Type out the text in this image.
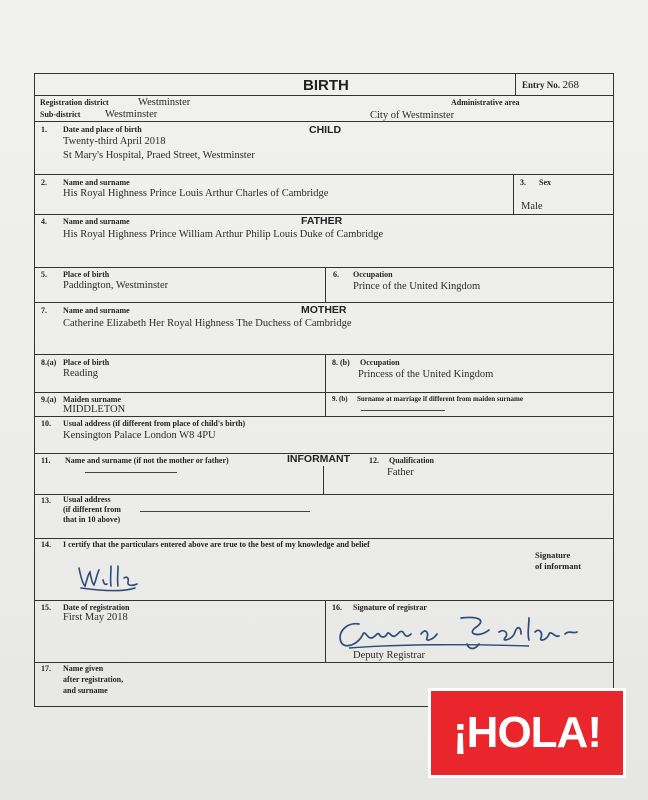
BIRTH	Entry No. 268
Registration district	Westminster	Administrative area
Sub-district Westminster	City of Westminster
1. Date and place of birth	CHILD
Twenty-third April 2018
St Mary's Hospital, Praed Street, Westminster
2. Name and surname
His Royal Highness Prince Louis Arthur Charles of Cambridge
3. Sex
Male
4. Name and surname	FATHER
His Royal Highness Prince William Arthur Philip Louis Duke of Cambridge
5. Place of birth
Paddington, Westminster
6. Occupation
Prince of the United Kingdom
7. Name and surname	MOTHER
Catherine Elizabeth Her Royal Highness The Duchess of Cambridge
8.(a) Place of birth
Reading
8. (b) Occupation
Princess of the United Kingdom
9.(a) Maiden surname
MIDDLETON
9. (b) Surname at marriage if different from maiden surname
10. Usual address (if different from place of child's birth)
Kensington Palace London W8 4PU
11. Name and surname (if not the mother or father)	INFORMANT 12. Qualification
Father
13. Usual address
(if different from
that in 10 above)
14. I certify that the particulars entered above are true to the best of my knowledge and belief
Signature
of informant
15. Date of registration
First May 2018
16. Signature of registrar
Deputy Registrar
17. Name given
after registration,
and surname
¡HOLA!
